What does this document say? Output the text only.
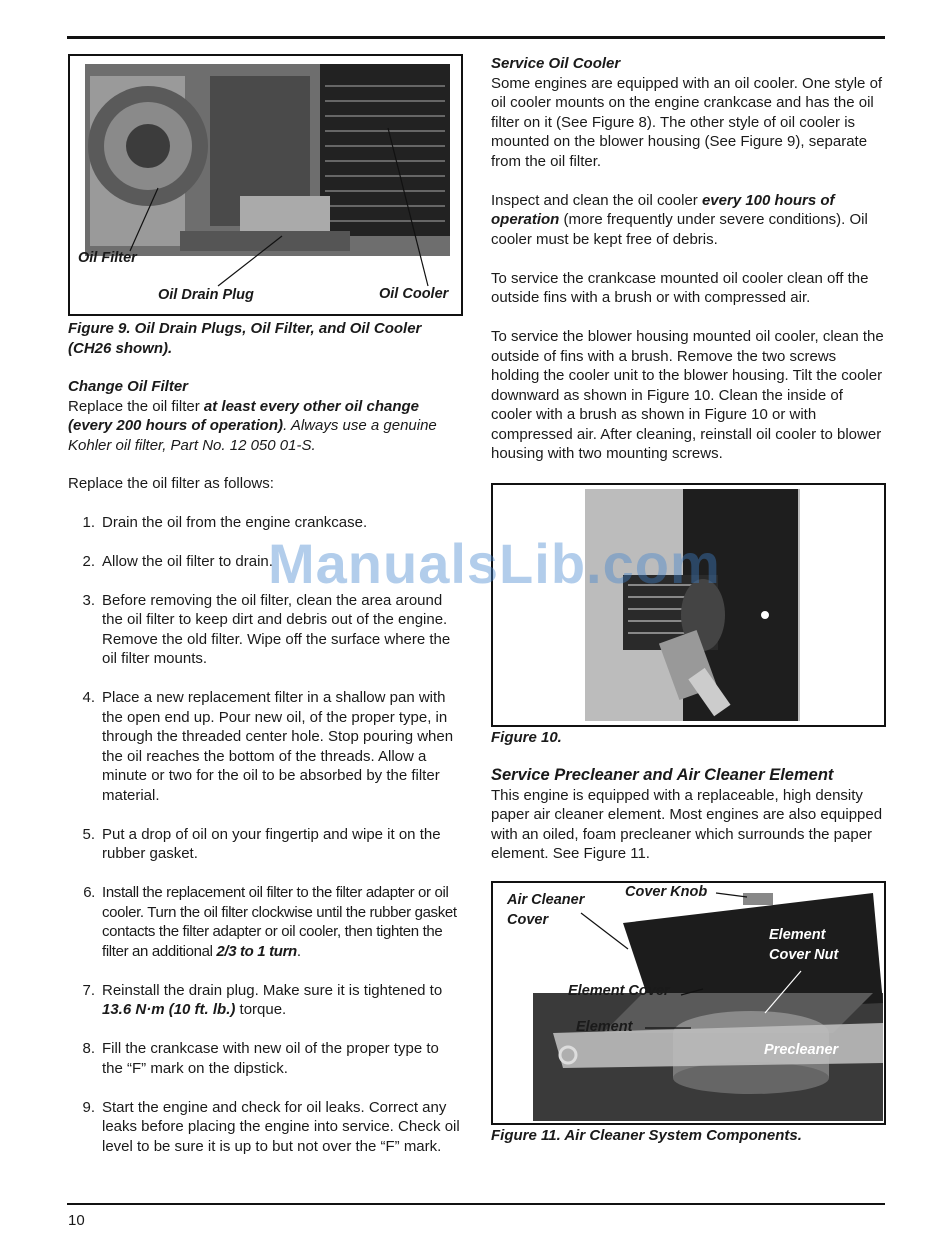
Oil Filter
Oil Drain Plug	Oil Cooler
Figure 9. Oil Drain Plugs, Oil Filter, and Oil Cooler (CH26 shown).
Change Oil Filter

Replace the oil filter at least every other oil change (every 200 hours of operation). Always use a genuine Kohler oil filter, Part No. 12 050 01-S.

Replace the oil filter as follows:

1. Drain the oil from the engine crankcase.
2. Allow the oil filter to drain.
3. Before removing the oil filter, clean the area around the oil filter to keep dirt and debris out of the engine. Remove the old filter. Wipe off the surface where the oil filter mounts.
4. Place a new replacement filter in a shallow pan with the open end up. Pour new oil, of the proper type, in through the threaded center hole. Stop pouring when the oil reaches the bottom of the threads. Allow a minute or two for the oil to be absorbed by the filter material.
5. Put a drop of oil on your fingertip and wipe it on the rubber gasket.
6. Install the replacement oil filter to the filter adapter or oil cooler. Turn the oil filter clockwise until the rubber gasket contacts the filter adapter or oil cooler, then tighten the filter an additional 2/3 to 1 turn.
7. Reinstall the drain plug. Make sure it is tightened to 13.6 N·m (10 ft. lb.) torque.
8. Fill the crankcase with new oil of the proper type to the “F” mark on the dipstick.
9. Start the engine and check for oil leaks. Correct any leaks before placing the engine into service. Check oil level to be sure it is up to but not over the “F” mark.
Service Oil Cooler

Some engines are equipped with an oil cooler. One style of oil cooler mounts on the engine crankcase and has the oil filter on it (See Figure 8). The other style of oil cooler is mounted on the blower housing (See Figure 9), separate from the oil filter.

Inspect and clean the oil cooler every 100 hours of operation (more frequently under severe conditions). Oil cooler must be kept free of debris.

To service the crankcase mounted oil cooler clean off the outside fins with a brush or with compressed air.

To service the blower housing mounted oil cooler, clean the outside of fins with a brush. Remove the two screws holding the cooler unit to the blower housing. Tilt the cooler downward as shown in Figure 10. Clean the inside of cooler with a brush as shown in Figure 10 or with compressed air. After cleaning, reinstall oil cooler to blower housing with two mounting screws.

Figure 10.
Service Precleaner and Air Cleaner Element

This engine is equipped with a replaceable, high density paper air cleaner element. Most engines are also equipped with an oiled, foam precleaner which surrounds the paper element. See Figure 11.

Air Cleaner
Cover
Cover Knob
Element
Cover Nut
Element Cover
Element
Precleaner
Figure 11. Air Cleaner System Components.
ManualsLib.com
10
